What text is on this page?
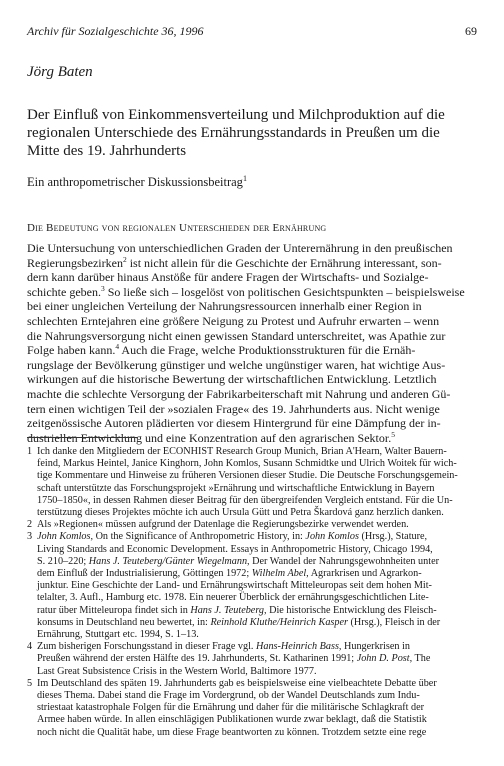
Archiv für Sozialgeschichte 36, 1996	69
Jörg Baten
Der Einfluß von Einkommensverteilung und Milchproduktion auf die
regionalen Unterschiede des Ernährungsstandards in Preußen um die
Mitte des 19. Jahrhunderts
Ein anthropometrischer Diskussionsbeitrag$^1$
Die Bedeutung von regionalen Unterschieden der Ernährung
Die Untersuchung von unterschiedlichen Graden der Unterernährung in den preußischen
Regierungsbezirken$^2$ ist nicht allein für die Geschichte der Ernährung interessant, son-
dern kann darüber hinaus Anstöße für andere Fragen der Wirtschafts- und Sozialge-
schichte geben.$^3$ So ließe sich – losgelöst von politischen Gesichtspunkten – beispielsweise
bei einer ungleichen Verteilung der Nahrungsressourcen innerhalb einer Region in
schlechten Erntejahren eine größere Neigung zu Protest und Aufruhr erwarten – wenn
die Nahrungsversorgung nicht einen gewissen Standard unterschreitet, was Apathie zur
Folge haben kann.$^4$ Auch die Frage, welche Produktionsstrukturen für die Ernäh-
rungslage der Bevölkerung günstiger und welche ungünstiger waren, hat wichtige Aus-
wirkungen auf die historische Bewertung der wirtschaftlichen Entwicklung. Letztlich
machte die schlechte Versorgung der Fabrikarbeiterschaft mit Nahrung und anderen Gü-
tern einen wichtigen Teil der »sozialen Frage« des 19. Jahrhunderts aus. Nicht wenige
zeitgenössische Autoren plädierten vor diesem Hintergrund für eine Dämpfung der in-
dustriellen Entwicklung und eine Konzentration auf den agrarischen Sektor.$^5$
1 Ich danke den Mitgliedern der ECONHIST Research Group Munich, Brian A'Hearn, Walter Bauern-
feind, Markus Heintel, Janice Kinghorn, John Komlos, Susann Schmidtke und Ulrich Woitek für wich-
tige Kommentare und Hinweise zu früheren Versionen dieser Studie. Die Deutsche Forschungsgemein-
schaft unterstützte das Forschungsprojekt »Ernährung und wirtschaftliche Entwicklung in Bayern
1750–1850«, in dessen Rahmen dieser Beitrag für den übergreifenden Vergleich entstand. Für die Un-
terstützung dieses Projektes möchte ich auch Ursula Gütt und Petra Škardová ganz herzlich danken.
2 Als »Regionen« müssen aufgrund der Datenlage die Regierungsbezirke verwendet werden.
3 John Komlos, On the Significance of Anthropometric History, in: John Komlos (Hrsg.), Stature,
Living Standards and Economic Development. Essays in Anthropometric History, Chicago 1994,
S. 210–220; Hans J. Teuteberg/Günter Wiegelmann, Der Wandel der Nahrungsgewohnheiten unter
dem Einfluß der Industrialisierung, Göttingen 1972; Wilhelm Abel, Agrarkrisen und Agrarkon-
junktur. Eine Geschichte der Land- und Ernährungswirtschaft Mitteleuropas seit dem hohen Mit-
telalter, 3. Aufl., Hamburg etc. 1978. Ein neuerer Überblick der ernährungsgeschichtlichen Lite-
ratur über Mitteleuropa findet sich in Hans J. Teuteberg, Die historische Entwicklung des Fleisch-
konsums in Deutschland neu bewertet, in: Reinhold Kluthe/Heinrich Kasper (Hrsg.), Fleisch in der
Ernährung, Stuttgart etc. 1994, S. 1–13.
4 Zum bisherigen Forschungsstand in dieser Frage vgl. Hans-Heinrich Bass, Hungerkrisen in
Preußen während der ersten Hälfte des 19. Jahrhunderts, St. Katharinen 1991; John D. Post, The
Last Great Subsistence Crisis in the Western World, Baltimore 1977.
5 Im Deutschland des späten 19. Jahrhunderts gab es beispielsweise eine vielbeachtete Debatte über
dieses Thema. Dabei stand die Frage im Vordergrund, ob der Wandel Deutschlands zum Indu-
striestaat katastrophale Folgen für die Ernährung und daher für die militärische Schlagkraft der
Armee haben würde. In allen einschlägigen Publikationen wurde zwar beklagt, daß die Statistik
noch nicht die Qualität habe, um diese Frage beantworten zu können. Trotzdem setzte eine rege
